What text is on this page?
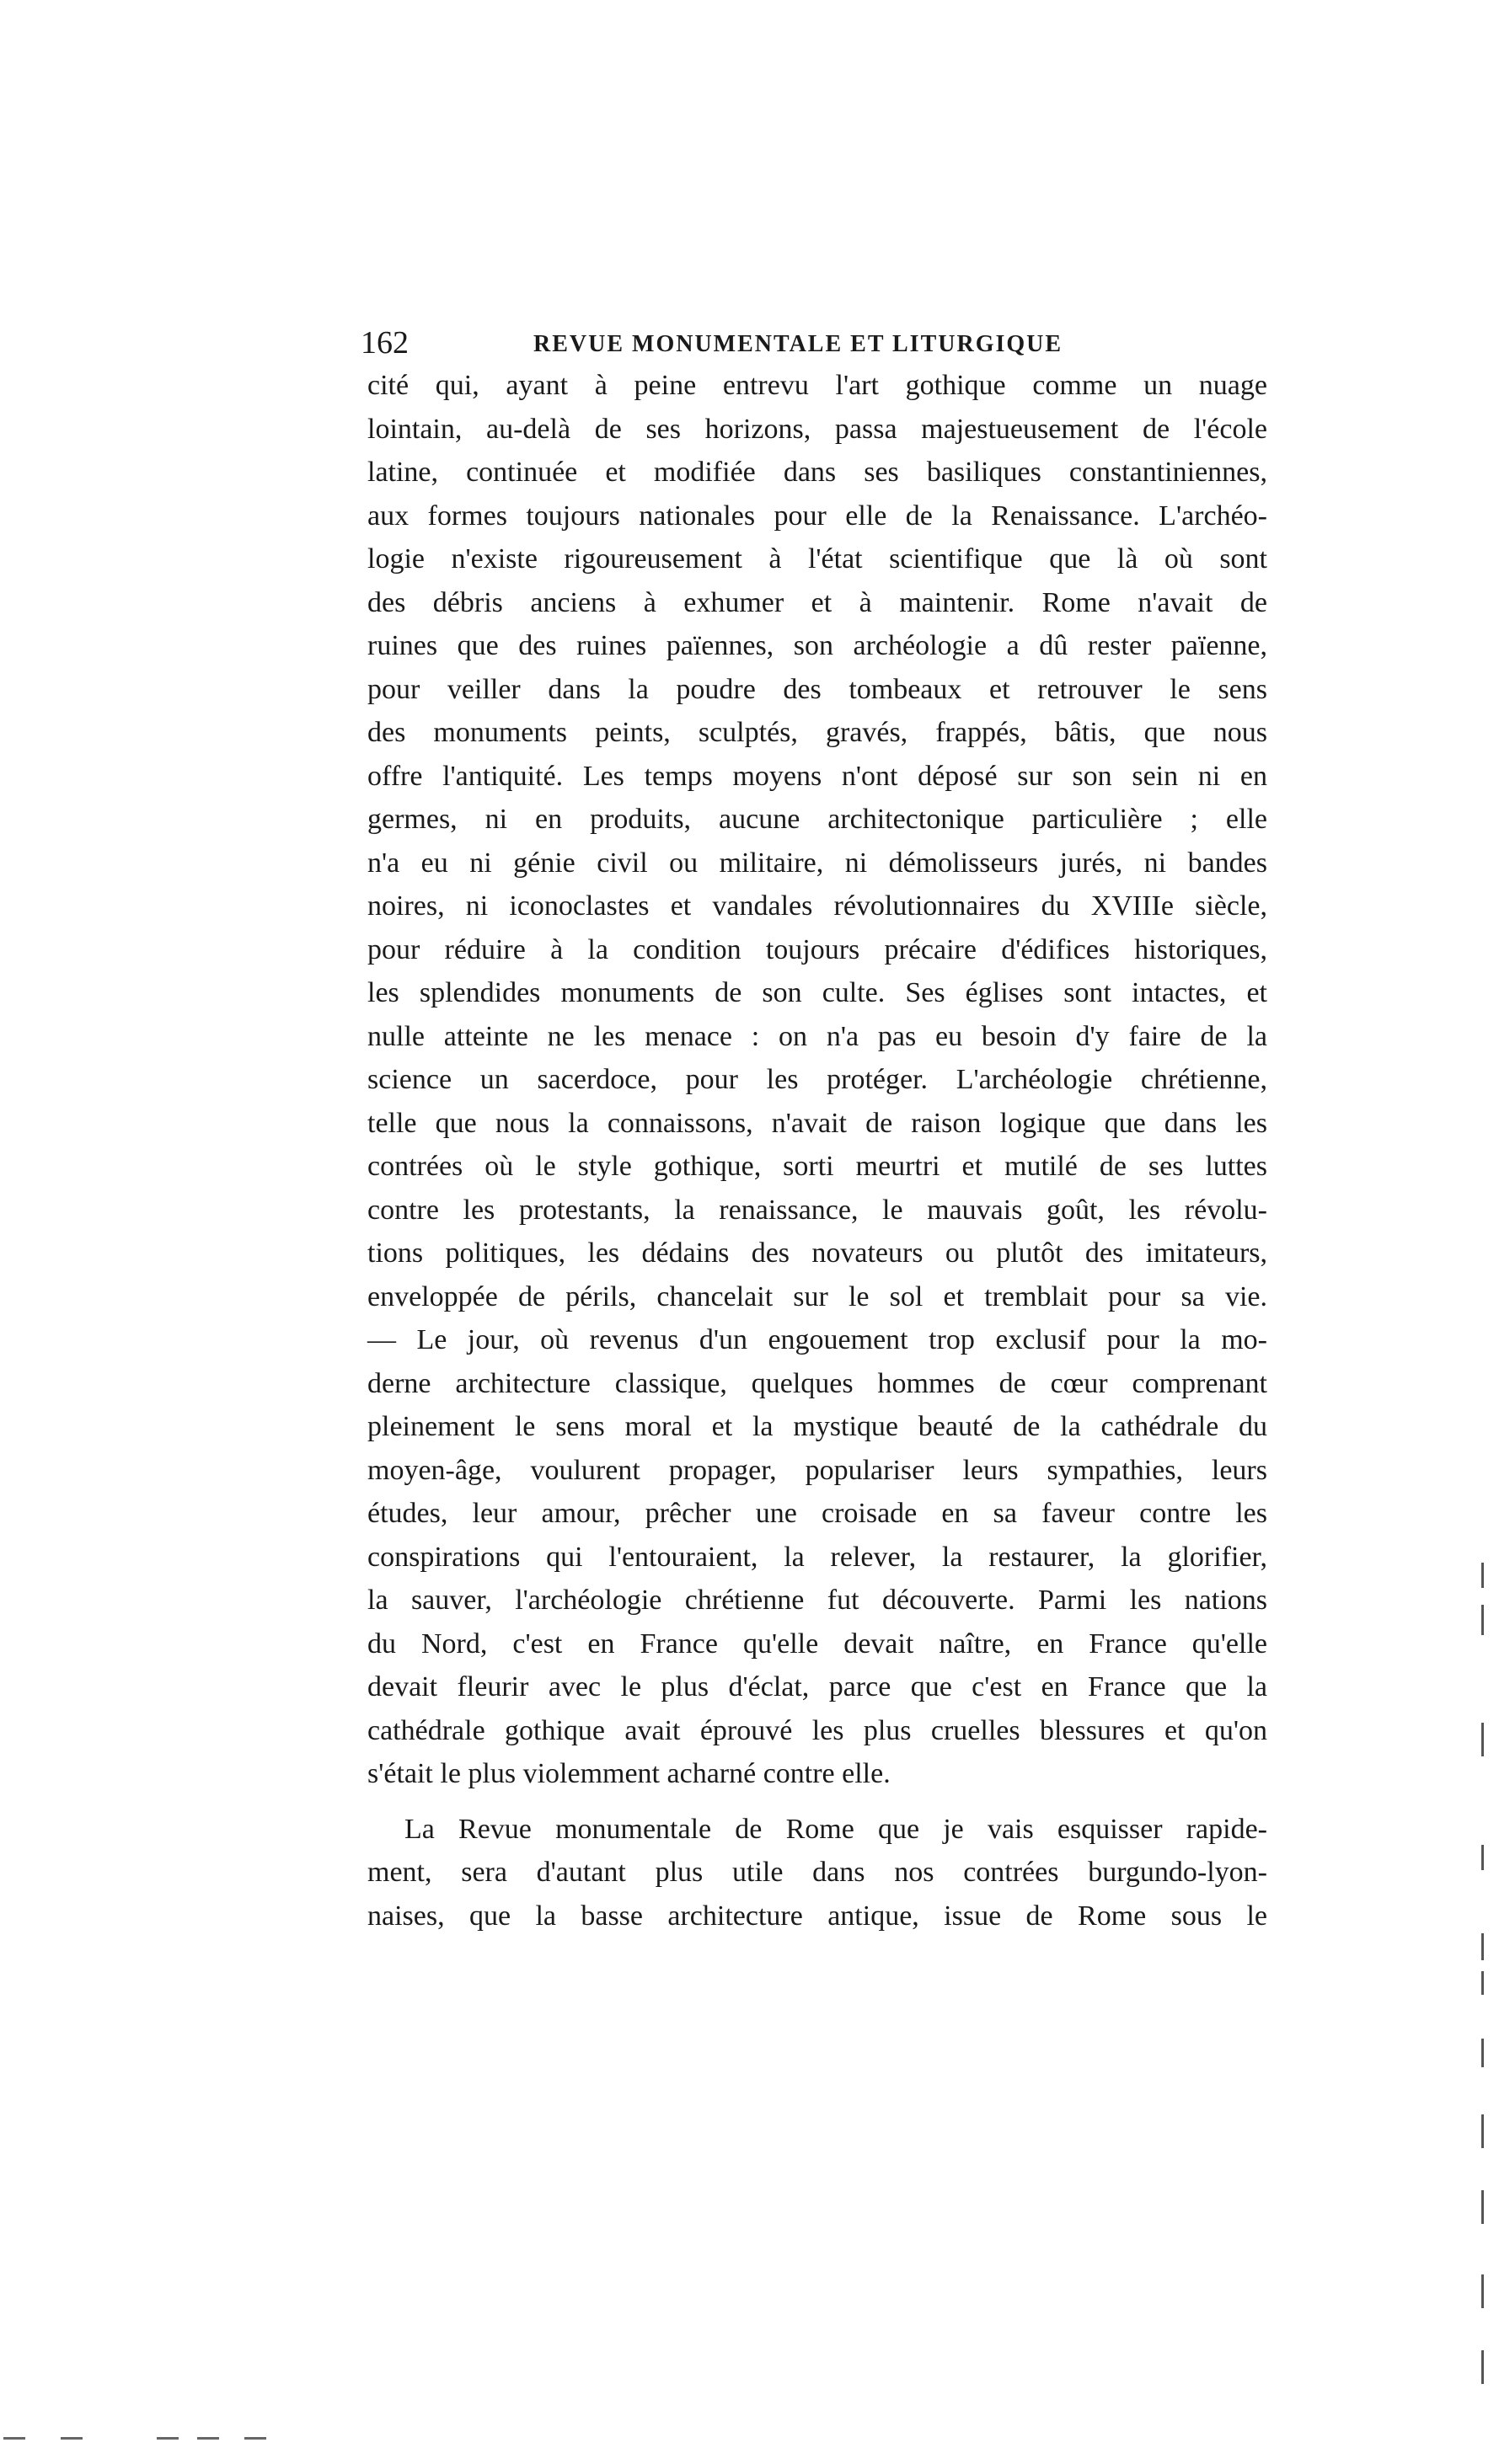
162	REVUE MONUMENTALE ET LITURGIQUE
cité qui, ayant à peine entrevu l'art gothique comme un nuage
lointain, au-delà de ses horizons, passa majestueusement de l'école
latine, continuée et modifiée dans ses basiliques constantiniennes,
aux formes toujours nationales pour elle de la Renaissance. L'archéo-
logie n'existe rigoureusement à l'état scientifique que là où sont
des débris anciens à exhumer et à maintenir. Rome n'avait de
ruines que des ruines païennes, son archéologie a dû rester païenne,
pour veiller dans la poudre des tombeaux et retrouver le sens
des monuments peints, sculptés, gravés, frappés, bâtis, que nous
offre l'antiquité. Les temps moyens n'ont déposé sur son sein ni en
germes, ni en produits, aucune architectonique particulière ; elle
n'a eu ni génie civil ou militaire, ni démolisseurs jurés, ni bandes
noires, ni iconoclastes et vandales révolutionnaires du XVIIIe siècle,
pour réduire à la condition toujours précaire d'édifices historiques,
les splendides monuments de son culte. Ses églises sont intactes, et
nulle atteinte ne les menace : on n'a pas eu besoin d'y faire de la
science un sacerdoce, pour les protéger. L'archéologie chrétienne,
telle que nous la connaissons, n'avait de raison logique que dans les
contrées où le style gothique, sorti meurtri et mutilé de ses luttes
contre les protestants, la renaissance, le mauvais goût, les révolu-
tions politiques, les dédains des novateurs ou plutôt des imitateurs,
enveloppée de périls, chancelait sur le sol et tremblait pour sa vie.
— Le jour, où revenus d'un engouement trop exclusif pour la mo-
derne architecture classique, quelques hommes de cœur comprenant
pleinement le sens moral et la mystique beauté de la cathédrale du
moyen-âge, voulurent propager, populariser leurs sympathies, leurs
études, leur amour, prêcher une croisade en sa faveur contre les
conspirations qui l'entouraient, la relever, la restaurer, la glorifier,
la sauver, l'archéologie chrétienne fut découverte. Parmi les nations
du Nord, c'est en France qu'elle devait naître, en France qu'elle
devait fleurir avec le plus d'éclat, parce que c'est en France que la
cathédrale gothique avait éprouvé les plus cruelles blessures et qu'on
s'était le plus violemment acharné contre elle.
La Revue monumentale de Rome que je vais esquisser rapide-
ment, sera d'autant plus utile dans nos contrées burgundo-lyon-
naises, que la basse architecture antique, issue de Rome sous le
